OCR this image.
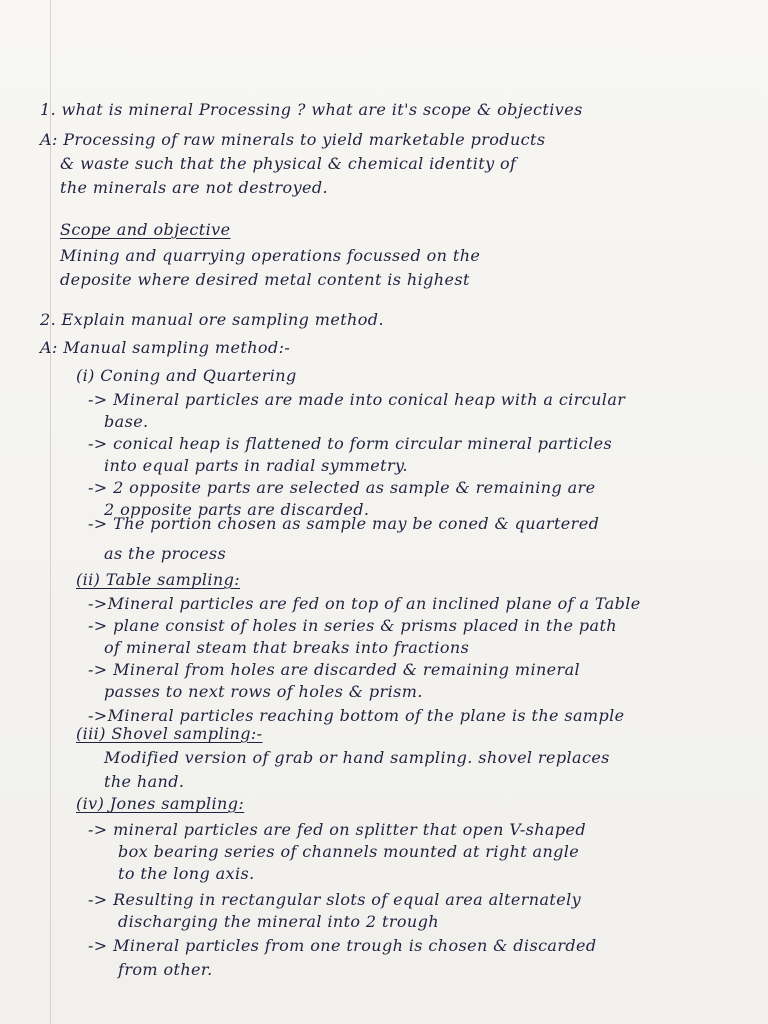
1. what is mineral Processing ? what are it's scope & objectives
A: Processing of raw minerals to yield marketable products
& waste such that the physical & chemical identity of
the minerals are not destroyed.
Scope and objective
Mining and quarrying operations focussed on the
deposite where desired metal content is highest
2. Explain manual ore sampling method.
A: Manual sampling method:-
(i) Coning and Quartering
-> Mineral particles are made into conical heap with a circular
base.
-> conical heap is flattened to form circular mineral particles
into equal parts in radial symmetry.
-> 2 opposite parts are selected as sample & remaining are
2 opposite parts are discarded.
-> The portion chosen as sample may be coned & quartered
as the process
(ii) Table sampling:
->Mineral particles are fed on top of an inclined plane of a Table
-> plane consist of holes in series & prisms placed in the path
of mineral steam that breaks into fractions
-> Mineral from holes are discarded & remaining mineral
passes to next rows of holes & prism.
->Mineral particles reaching bottom of the plane is the sample
(iii) Shovel sampling:-
Modified version of grab or hand sampling. shovel replaces
the hand.
(iv) Jones sampling:
-> mineral particles are fed on splitter that open V-shaped
box bearing series of channels mounted at right angle
to the long axis.
-> Resulting in rectangular slots of equal area alternately
discharging the mineral into 2 trough
-> Mineral particles from one trough is chosen & discarded
from other.
